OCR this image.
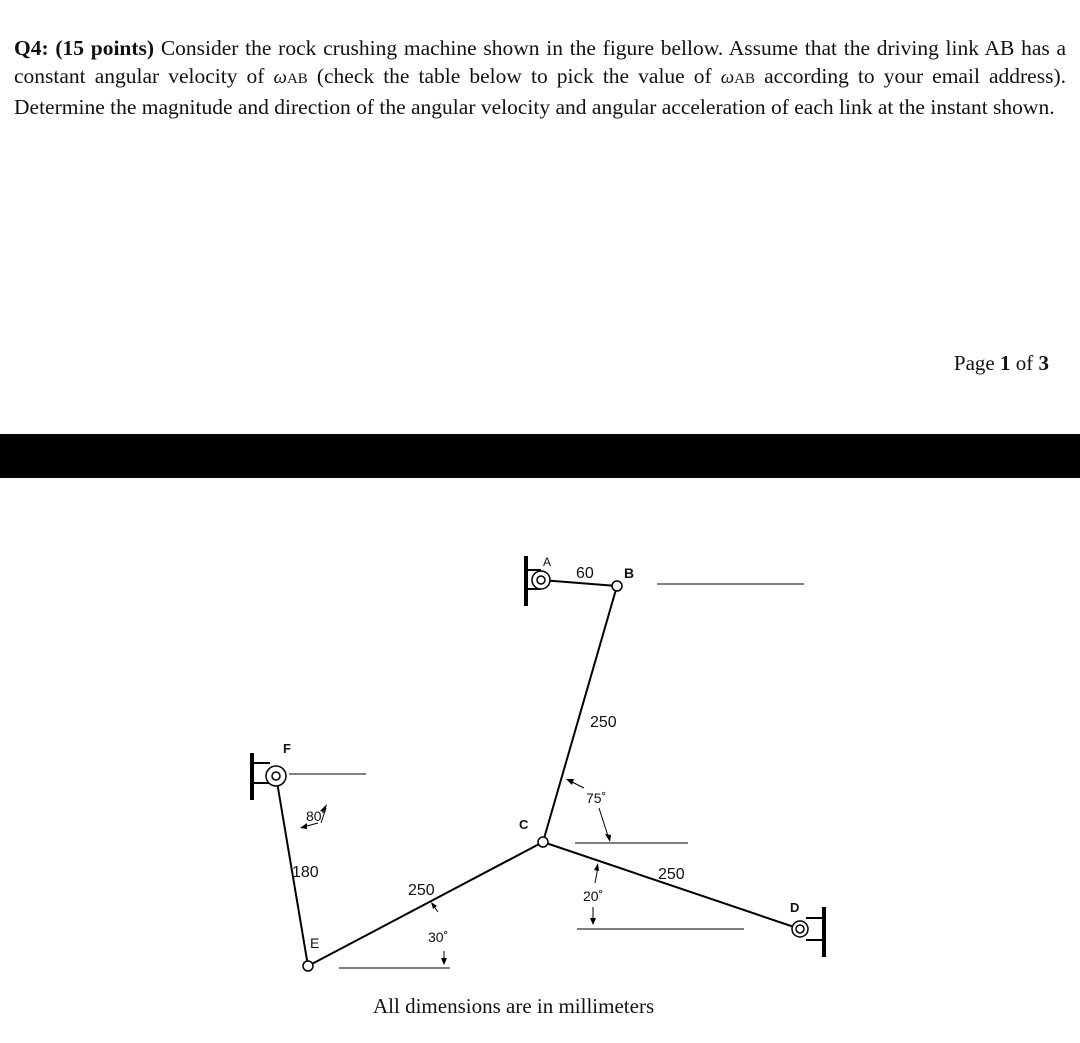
Q4: (15 points) Consider the rock crushing machine shown in the figure bellow. Assume that the driving link AB has a constant angular velocity of ωAB (check the table below to pick the value of ωAB according to your email address). Determine the magnitude and direction of the angular velocity and angular acceleration of each link at the instant shown.
Page 1 of 3
A
B
C
D
E
F
60
250
250
250
180
75˚
20˚
30˚
80˚
All dimensions are in millimeters
